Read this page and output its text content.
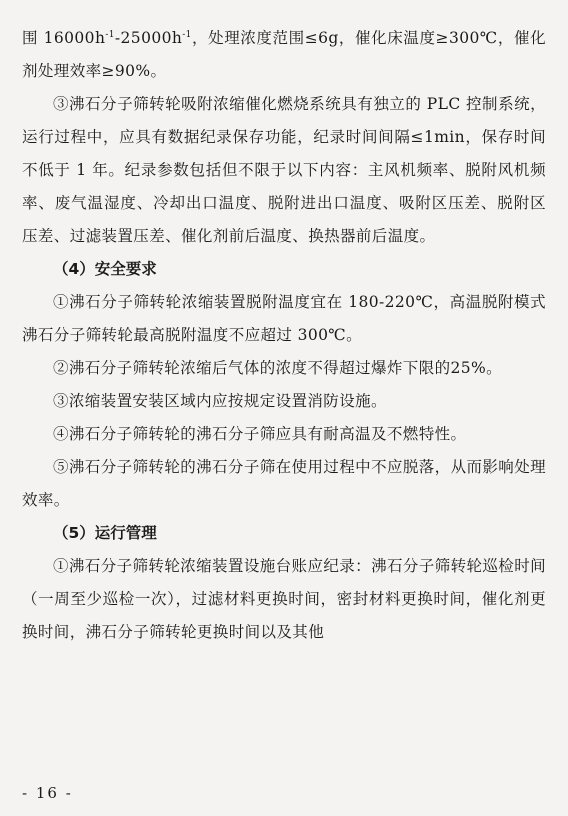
围 $16000h^{-1}-25000h^{-1}$，处理浓度范围≤6g，催化床温度≥300℃，催化剂处理效率≥90%。

③沸石分子筛转轮吸附浓缩催化燃烧系统具有独立的 PLC 控制系统，运行过程中，应具有数据纪录保存功能，纪录时间间隔≤1min，保存时间不低于 1 年。纪录参数包括但不限于以下内容：主风机频率、脱附风机频率、废气温湿度、冷却出口温度、脱附进出口温度、吸附区压差、脱附区压差、过滤装置压差、催化剂前后温度、换热器前后温度。

（4）安全要求

①沸石分子筛转轮浓缩装置脱附温度宜在 180-220℃，高温脱附模式沸石分子筛转轮最高脱附温度不应超过 300℃。

②沸石分子筛转轮浓缩后气体的浓度不得超过爆炸下限的25%。

③浓缩装置安装区域内应按规定设置消防设施。

④沸石分子筛转轮的沸石分子筛应具有耐高温及不燃特性。

⑤沸石分子筛转轮的沸石分子筛在使用过程中不应脱落，从而影响处理效率。

（5）运行管理

①沸石分子筛转轮浓缩装置设施台账应纪录：沸石分子筛转轮巡检时间（一周至少巡检一次），过滤材料更换时间，密封材料更换时间，催化剂更换时间，沸石分子筛转轮更换时间以及其他

- 16 -
